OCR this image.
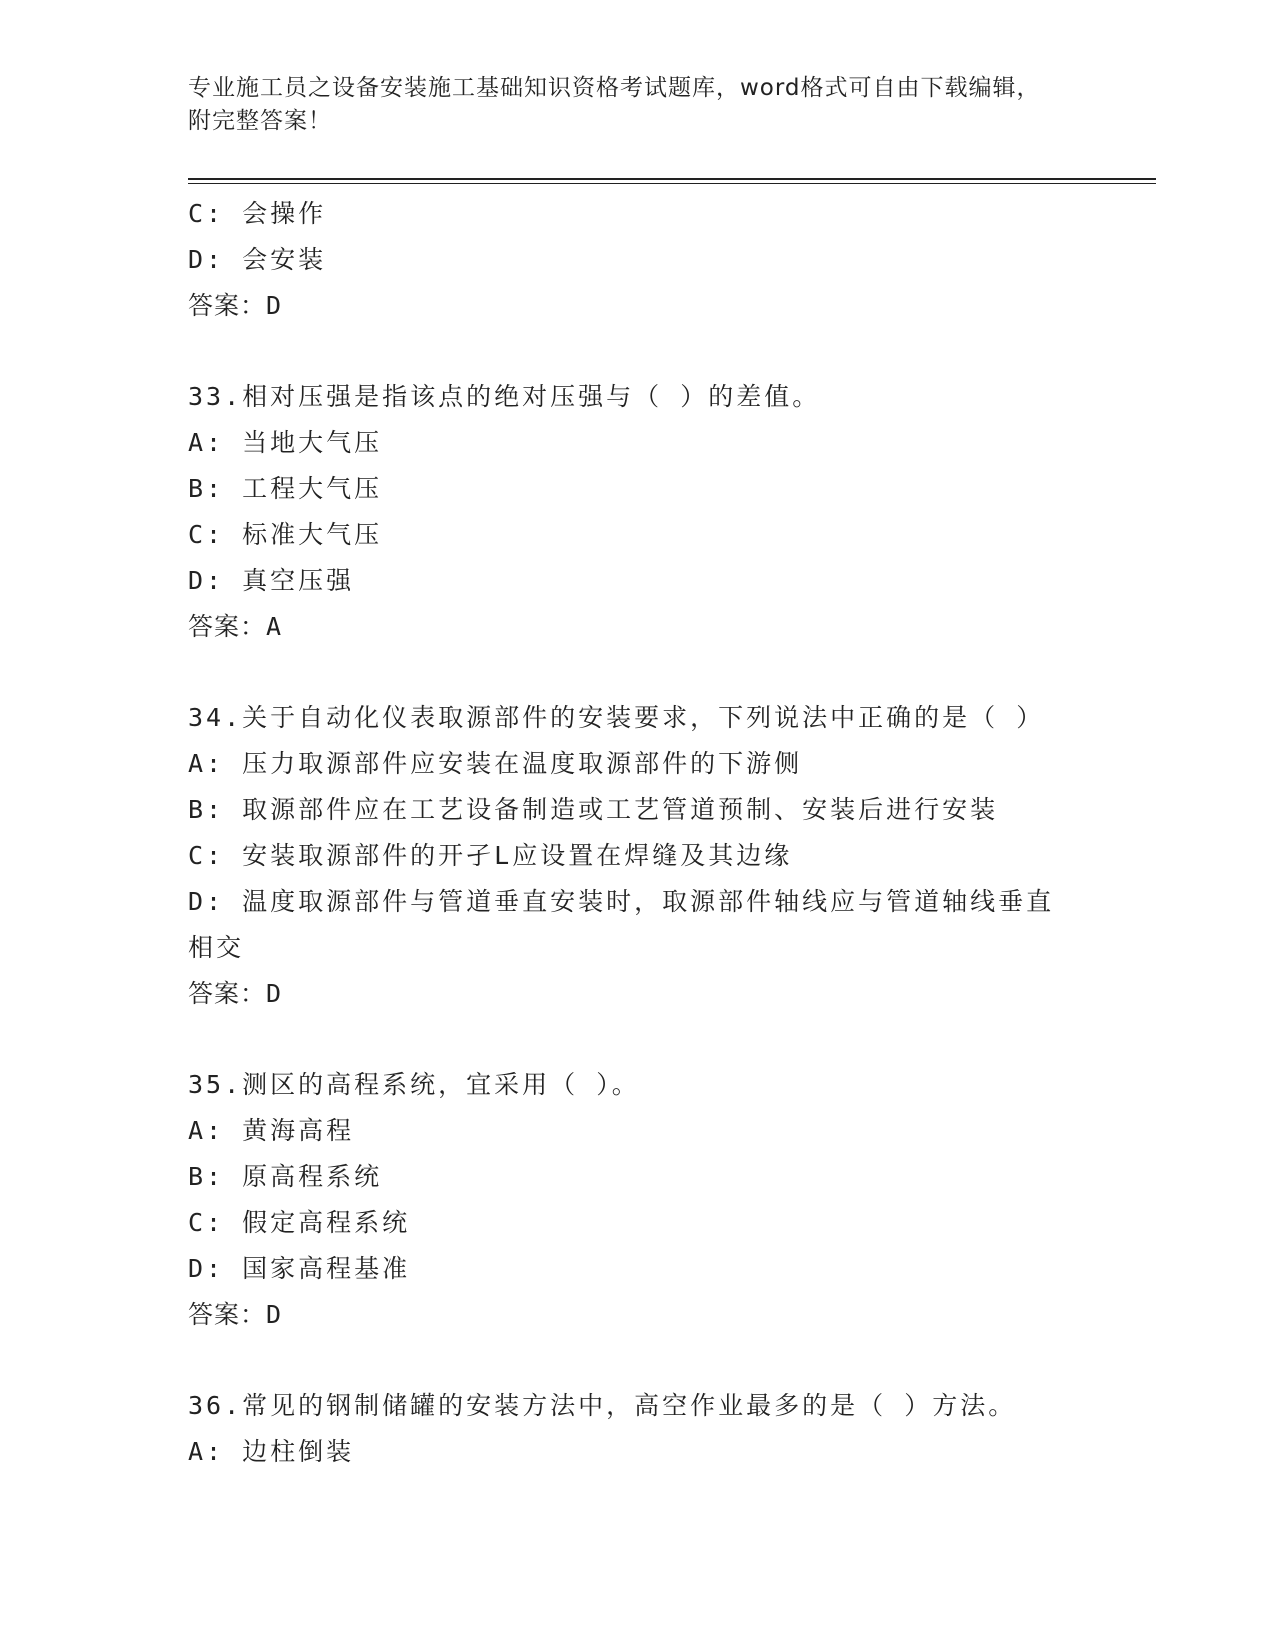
专业施工员之设备安装施工基础知识资格考试题库，word格式可自由下载编辑，
附完整答案！
C: 会操作
D: 会安装
答案：D
33.相对压强是指该点的绝对压强与（ ）的差值。
A: 当地大气压
B: 工程大气压
C: 标准大气压
D: 真空压强
答案：A
34.关于自动化仪表取源部件的安装要求，下列说法中正确的是（ ）
A: 压力取源部件应安装在温度取源部件的下游侧
B: 取源部件应在工艺设备制造或工艺管道预制、安装后进行安装
C: 安装取源部件的开孑L应设置在焊缝及其边缘
D: 温度取源部件与管道垂直安装时，取源部件轴线应与管道轴线垂直相交
答案：D
35.测区的高程系统，宜采用（ ）。
A: 黄海高程
B: 原高程系统
C: 假定高程系统
D: 国家高程基准
答案：D
36.常见的钢制储罐的安装方法中，高空作业最多的是（ ）方法。
A: 边柱倒装
